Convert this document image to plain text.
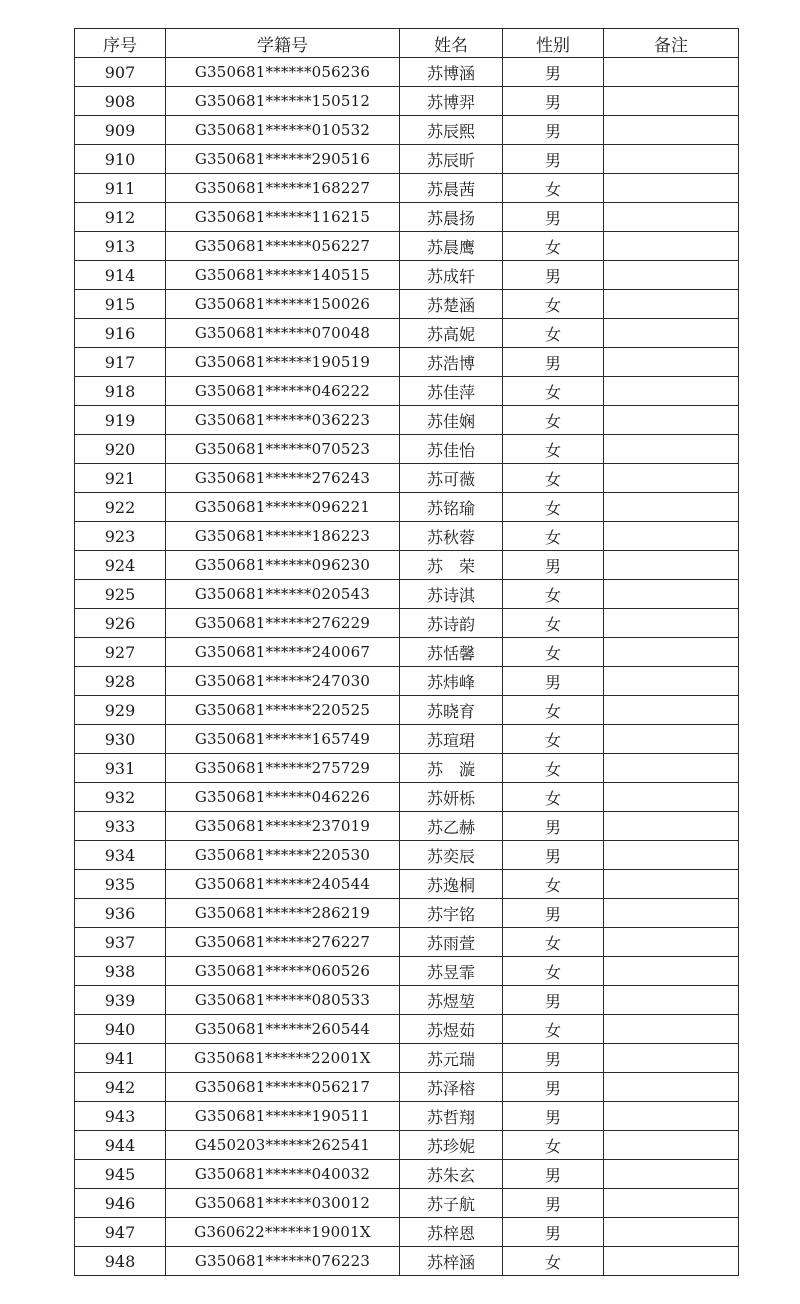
序号	学籍号	姓名	性别	备注
907	G350681******056236	苏博涵	男	
908	G350681******150512	苏博羿	男	
909	G350681******010532	苏辰熙	男	
910	G350681******290516	苏辰昕	男	
911	G350681******168227	苏晨茜	女	
912	G350681******116215	苏晨扬	男	
913	G350681******056227	苏晨鹰	女	
914	G350681******140515	苏成轩	男	
915	G350681******150026	苏楚涵	女	
916	G350681******070048	苏高妮	女	
917	G350681******190519	苏浩博	男	
918	G350681******046222	苏佳萍	女	
919	G350681******036223	苏佳娴	女	
920	G350681******070523	苏佳怡	女	
921	G350681******276243	苏可薇	女	
922	G350681******096221	苏铭瑜	女	
923	G350681******186223	苏秋蓉	女	
924	G350681******096230	苏　荣	男	
925	G350681******020543	苏诗淇	女	
926	G350681******276229	苏诗韵	女	
927	G350681******240067	苏恬馨	女	
928	G350681******247030	苏炜峰	男	
929	G350681******220525	苏晓育	女	
930	G350681******165749	苏瑄珺	女	
931	G350681******275729	苏　漩	女	
932	G350681******046226	苏妍栎	女	
933	G350681******237019	苏乙赫	男	
934	G350681******220530	苏奕辰	男	
935	G350681******240544	苏逸桐	女	
936	G350681******286219	苏宇铭	男	
937	G350681******276227	苏雨萱	女	
938	G350681******060526	苏昱霏	女	
939	G350681******080533	苏煜堃	男	
940	G350681******260544	苏煜茹	女	
941	G350681******22001X	苏元瑞	男	
942	G350681******056217	苏泽榕	男	
943	G350681******190511	苏哲翔	男	
944	G450203******262541	苏珍妮	女	
945	G350681******040032	苏朱玄	男	
946	G350681******030012	苏子航	男	
947	G360622******19001X	苏梓恩	男	
948	G350681******076223	苏梓涵	女	
